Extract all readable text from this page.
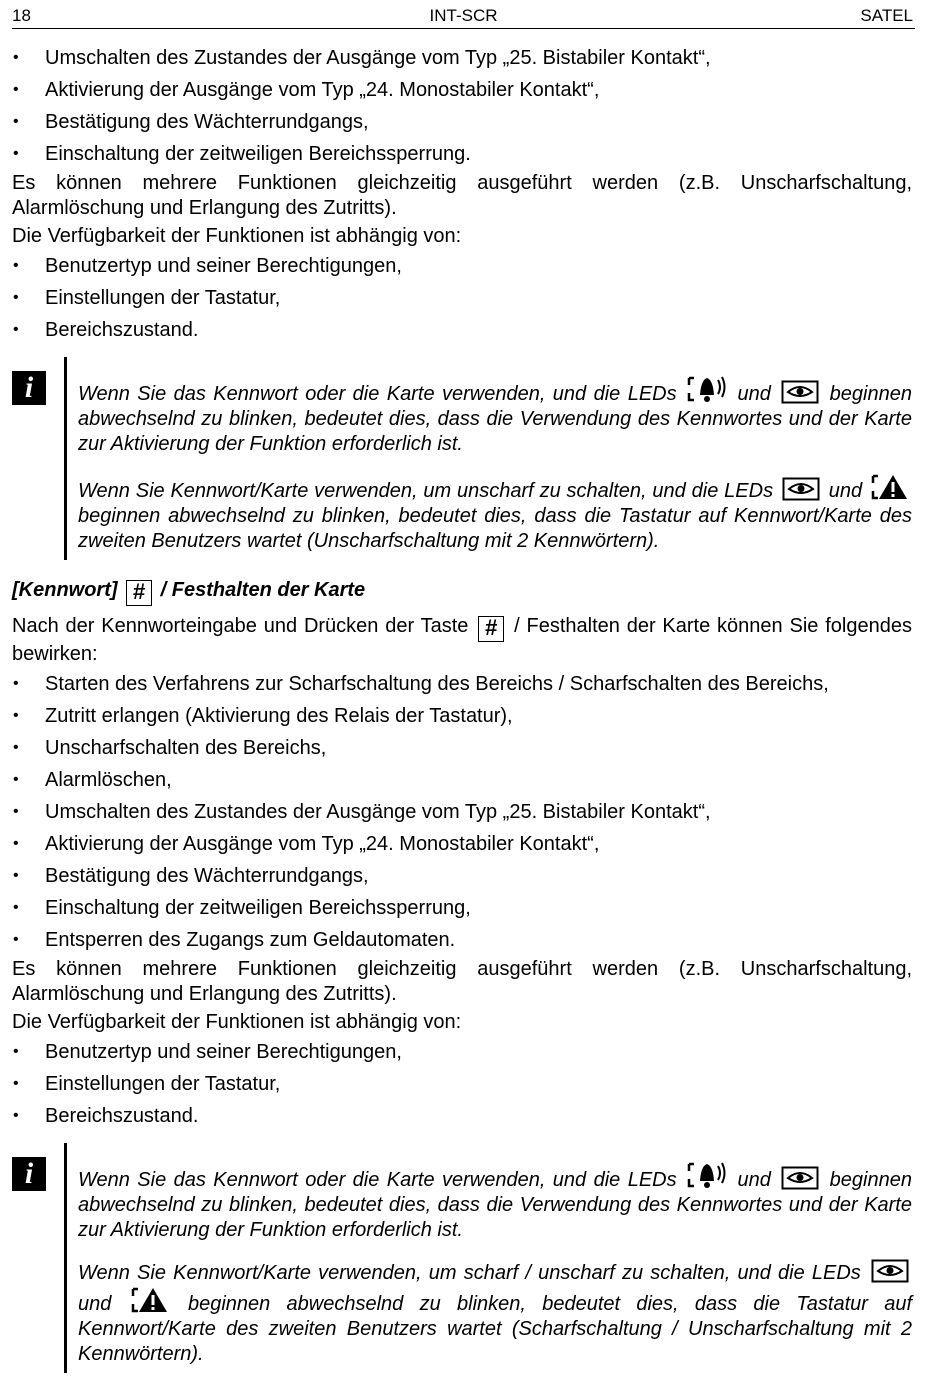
18	INT-SCR	SATEL

• Umschalten des Zustandes der Ausgänge vom Typ „25. Bistabiler Kontakt“,

• Aktivierung der Ausgänge vom Typ „24. Monostabiler Kontakt“,

• Bestätigung des Wächterrundgangs,

• Einschaltung der zeitweiligen Bereichssperrung.

Es können mehrere Funktionen gleichzeitig ausgeführt werden (z.B. Unscharfschaltung, Alarmlöschung und Erlangung des Zutritts).

Die Verfügbarkeit der Funktionen ist abhängig von:

• Benutzertyp und seiner Berechtigungen,

• Einstellungen der Tastatur,

• Bereichszustand.

i	Wenn Sie das Kennwort oder die Karte verwenden, und die LEDs	und	beginnen abwechselnd zu blinken, bedeutet dies, dass die Verwendung des Kennwortes und der Karte zur Aktivierung der Funktion erforderlich ist.

Wenn Sie Kennwort/Karte verwenden, um unscharf zu schalten, und die LEDs	und  beginnen abwechselnd zu blinken, bedeutet dies, dass die Tastatur auf Kennwort/Karte des zweiten Benutzers wartet (Unscharfschaltung mit 2 Kennwörtern).

[Kennwort] # / Festhalten der Karte

Nach der Kennworteingabe und Drücken der Taste # / Festhalten der Karte können Sie folgendes bewirken:

• Starten des Verfahrens zur Scharfschaltung des Bereichs / Scharfschalten des Bereichs,

• Zutritt erlangen (Aktivierung des Relais der Tastatur),

• Unscharfschalten des Bereichs,

• Alarmlöschen,

• Umschalten des Zustandes der Ausgänge vom Typ „25. Bistabiler Kontakt“,

• Aktivierung der Ausgänge vom Typ „24. Monostabiler Kontakt“,

• Bestätigung des Wächterrundgangs,

• Einschaltung der zeitweiligen Bereichssperrung,

• Entsperren des Zugangs zum Geldautomaten.

Es können mehrere Funktionen gleichzeitig ausgeführt werden (z.B. Unscharfschaltung, Alarmlöschung und Erlangung des Zutritts).

Die Verfügbarkeit der Funktionen ist abhängig von:

• Benutzertyp und seiner Berechtigungen,

• Einstellungen der Tastatur,

• Bereichszustand.

i	Wenn Sie das Kennwort oder die Karte verwenden, und die LEDs	und	beginnen abwechselnd zu blinken, bedeutet dies, dass die Verwendung des Kennwortes und der Karte zur Aktivierung der Funktion erforderlich ist.

Wenn Sie Kennwort/Karte verwenden, um scharf / unscharf zu schalten, und die LEDs  und	beginnen abwechselnd zu blinken, bedeutet dies, dass die Tastatur auf Kennwort/Karte des zweiten Benutzers wartet (Scharfschaltung / Unscharfschaltung mit 2 Kennwörtern).
